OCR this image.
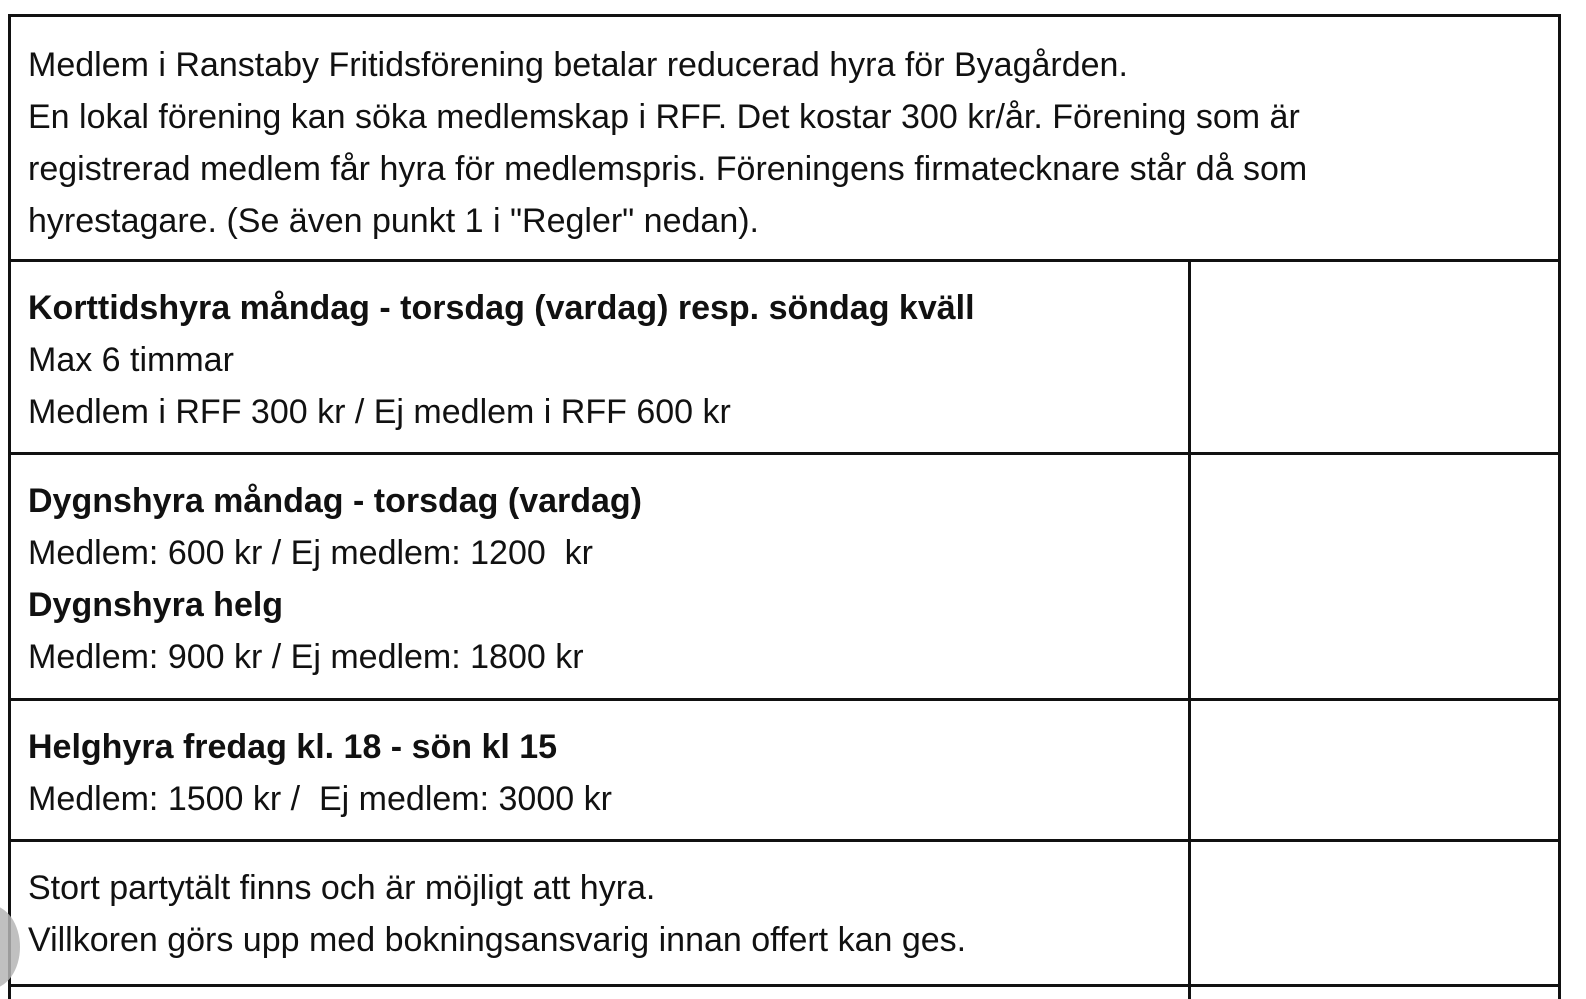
Medlem i Ranstaby Fritidsförening betalar reducerad hyra för Byagården.
En lokal förening kan söka medlemskap i RFF. Det kostar 300 kr/år. Förening som är
registrerad medlem får hyra för medlemspris. Föreningens firmatecknare står då som
hyrestagare. (Se även punkt 1 i "Regler" nedan).
Korttidshyra måndag - torsdag (vardag) resp. söndag kväll
Max 6 timmar
Medlem i RFF 300 kr / Ej medlem i RFF 600 kr
Dygnshyra måndag - torsdag (vardag)
Medlem: 600 kr / Ej medlem: 1200  kr
Dygnshyra helg
Medlem: 900 kr / Ej medlem: 1800 kr
Helghyra fredag kl. 18 - sön kl 15
Medlem: 1500 kr /  Ej medlem: 3000 kr
Stort partytält finns och är möjligt att hyra.
Villkoren görs upp med bokningsansvarig innan offert kan ges.
